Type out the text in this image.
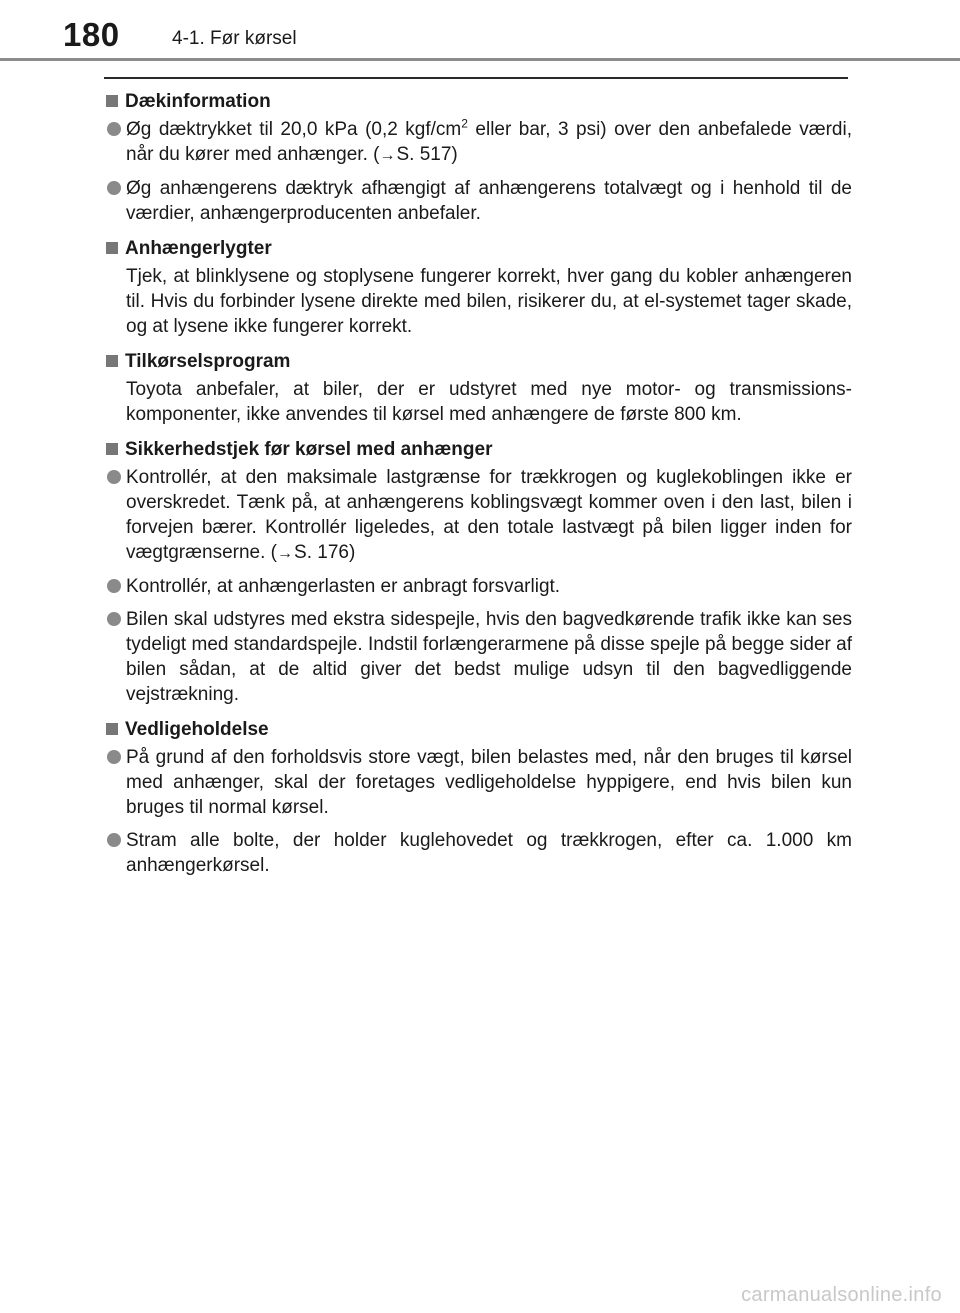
180	4-1. Før kørsel
Dækinformation
Øg dæktrykket til 20,0 kPa (0,2 kgf/$cm^2$ eller bar, 3 psi) over den anbefalede værdi, når du kører med anhænger. (→S. 517)
Øg anhængerens dæktryk afhængigt af anhængerens totalvægt og i henhold til de værdier, anhængerproducenten anbefaler.
Anhængerlygter
Tjek, at blinklysene og stoplysene fungerer korrekt, hver gang du kobler anhængeren til. Hvis du forbinder lysene direkte med bilen, risikerer du, at el-systemet tager skade, og at lysene ikke fungerer korrekt.
Tilkørselsprogram
Toyota anbefaler, at biler, der er udstyret med nye motor- og transmissions-komponenter, ikke anvendes til kørsel med anhængere de første 800 km.
Sikkerhedstjek før kørsel med anhænger
Kontrollér, at den maksimale lastgrænse for trækkrogen og kuglekoblingen ikke er overskredet. Tænk på, at anhængerens koblingsvægt kommer oven i den last, bilen i forvejen bærer. Kontrollér ligeledes, at den totale lastvægt på bilen ligger inden for vægtgrænserne. (→S. 176)
Kontrollér, at anhængerlasten er anbragt forsvarligt.
Bilen skal udstyres med ekstra sidespejle, hvis den bagvedkørende trafik ikke kan ses tydeligt med standardspejle. Indstil forlængerarmene på disse spejle på begge sider af bilen sådan, at de altid giver det bedst mulige udsyn til den bagvedliggende vejstrækning.
Vedligeholdelse
På grund af den forholdsvis store vægt, bilen belastes med, når den bruges til kørsel med anhænger, skal der foretages vedligeholdelse hyppigere, end hvis bilen kun bruges til normal kørsel.
Stram alle bolte, der holder kuglehovedet og trækkrogen, efter ca. 1.000 km anhængerkørsel.
carmanualsonline.info
